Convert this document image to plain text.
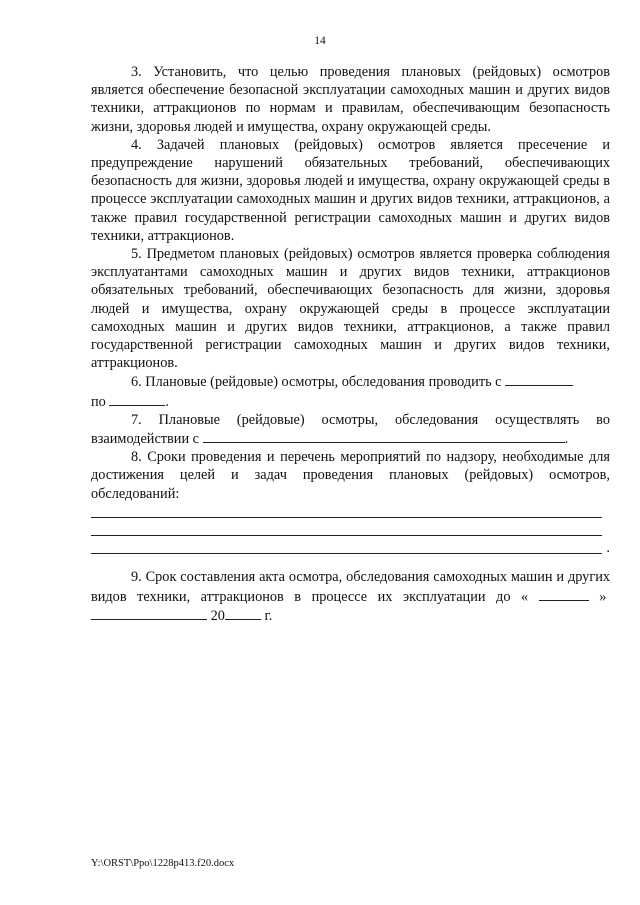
14

3. Установить, что целью проведения плановых (рейдовых) осмотров является обеспечение безопасной эксплуатации самоходных машин и других видов техники, аттракционов по нормам и правилам, обеспечивающим безопасность жизни, здоровья людей и имущества, охрану окружающей среды.

4. Задачей плановых (рейдовых) осмотров является пресечение и предупреждение нарушений обязательных требований, обеспечивающих безопасность для жизни, здоровья людей и имущества, охрану окружающей среды в процессе эксплуатации самоходных машин и других видов техники, аттракционов, а также правил государственной регистрации самоходных машин и других видов техники, аттракционов.

5. Предметом плановых (рейдовых) осмотров является проверка соблюдения эксплуатантами самоходных машин и других видов техники, аттракционов обязательных требований, обеспечивающих безопасность для жизни, здоровья людей и имущества, охрану окружающей среды в процессе эксплуатации самоходных машин и других видов техники, аттракционов, а также правил государственной регистрации самоходных машин и других видов техники, аттракционов.

6. Плановые (рейдовые) осмотры, обследования проводить с
по	.

7. Плановые (рейдовые) осмотры, обследования осуществлять во взаимодействии с	.

8. Сроки проведения и перечень мероприятий по надзору, необходимые для достижения целей и задач проведения плановых (рейдовых) осмотров, обследований:

.

9. Срок составления акта осмотра, обследования самоходных машин и других видов техники, аттракционов в процессе их эксплуатации до «	»  20	г.

Y:\ORST\Ppo\1228p413.f20.docx
